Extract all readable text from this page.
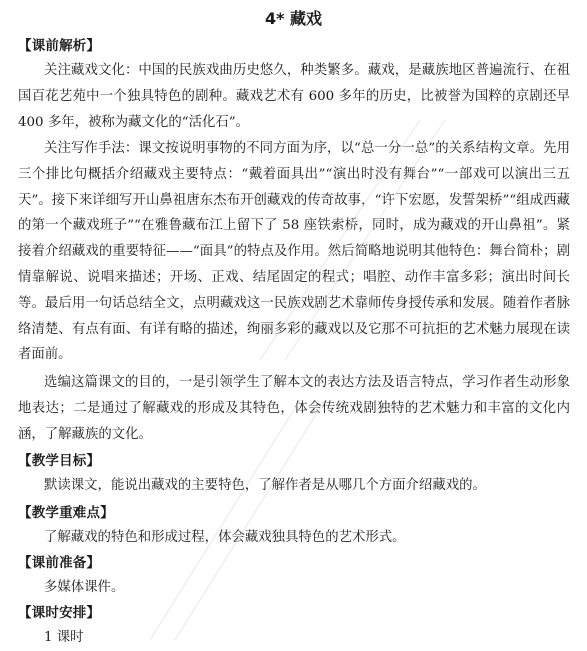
4* 藏戏
【课前解析】

关注藏戏文化：中国的民族戏曲历史悠久，种类繁多。藏戏，是藏族地区普遍流行、在祖国百花艺苑中一个独具特色的剧种。藏戏艺术有 600 多年的历史，比被誉为国粹的京剧还早 400 多年，被称为藏文化的“活化石”。

关注写作手法：课文按说明事物的不同方面为序，以“总一分一总”的关系结构文章。先用三个排比句概括介绍藏戏主要特点：“戴着面具出”“演出时没有舞台”“一部戏可以演出三五天”。接下来详细写开山鼻祖唐东杰布开创藏戏的传奇故事，“许下宏愿，发誓架桥”“组成西藏的第一个藏戏班子”“在雅鲁藏布江上留下了 58 座铁索桥，同时，成为藏戏的开山鼻祖”。紧接着介绍藏戏的重要特征——“面具”的特点及作用。然后简略地说明其他特色：舞台简朴；剧情靠解说、说唱来描述；开场、正戏、结尾固定的程式；唱腔、动作丰富多彩；演出时间长等。最后用一句话总结全文，点明藏戏这一民族戏剧艺术靠师传身授传承和发展。随着作者脉络清楚、有点有面、有详有略的描述，绚丽多彩的藏戏以及它那不可抗拒的艺术魅力展现在读者面前。

选编这篇课文的目的，一是引领学生了解本文的表达方法及语言特点，学习作者生动形象地表达；二是通过了解藏戏的形成及其特色，体会传统戏剧独特的艺术魅力和丰富的文化内涵，了解藏族的文化。

【教学目标】

默读课文，能说出藏戏的主要特色，了解作者是从哪几个方面介绍藏戏的。

【教学重难点】

了解藏戏的特色和形成过程，体会藏戏独具特色的艺术形式。

【课前准备】

多媒体课件。

【课时安排】

1 课时
